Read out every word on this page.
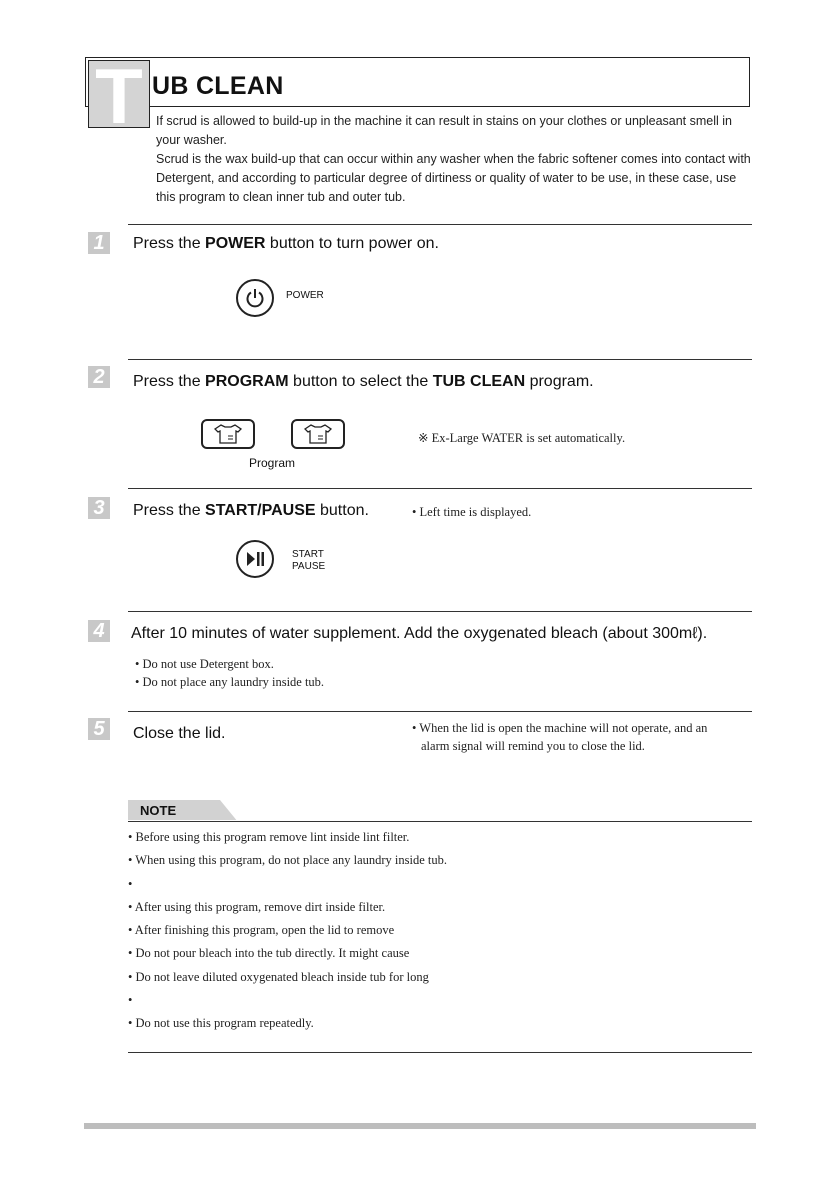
T UB CLEAN

If scrud is allowed to build-up in the machine it can result in stains on your clothes or unpleasant smell in your washer.

Scrud is the wax build-up that can occur within any washer when the fabric softener comes into contact with Detergent, and according to particular degree of dirtiness or quality of water to be use, in these case, use this program to clean inner tub and outer tub.

1	Press the POWER button to turn power on.
POWER
2	Press the PROGRAM button to select the TUB CLEAN program.
Program
※ Ex-Large WATER is set automatically.
3	Press the START/PAUSE button.	• Left time is displayed.
START
PAUSE
4	After 10 minutes of water supplement. Add the oxygenated bleach (about 300mℓ).
• Do not use Detergent box.
• Do not place any laundry inside tub.
5	Close the lid.	• When the lid is open the machine will not operate, and an
alarm signal will remind you to close the lid.
NOTE
• Before using this program remove lint inside lint filter.
• When using this program, do not place any laundry inside tub.
•
• After using this program, remove dirt inside filter.
• After finishing this program, open the lid to remove
• Do not pour bleach into the tub directly. It might cause
• Do not leave diluted oxygenated bleach inside tub for long
•
• Do not use this program repeatedly.
